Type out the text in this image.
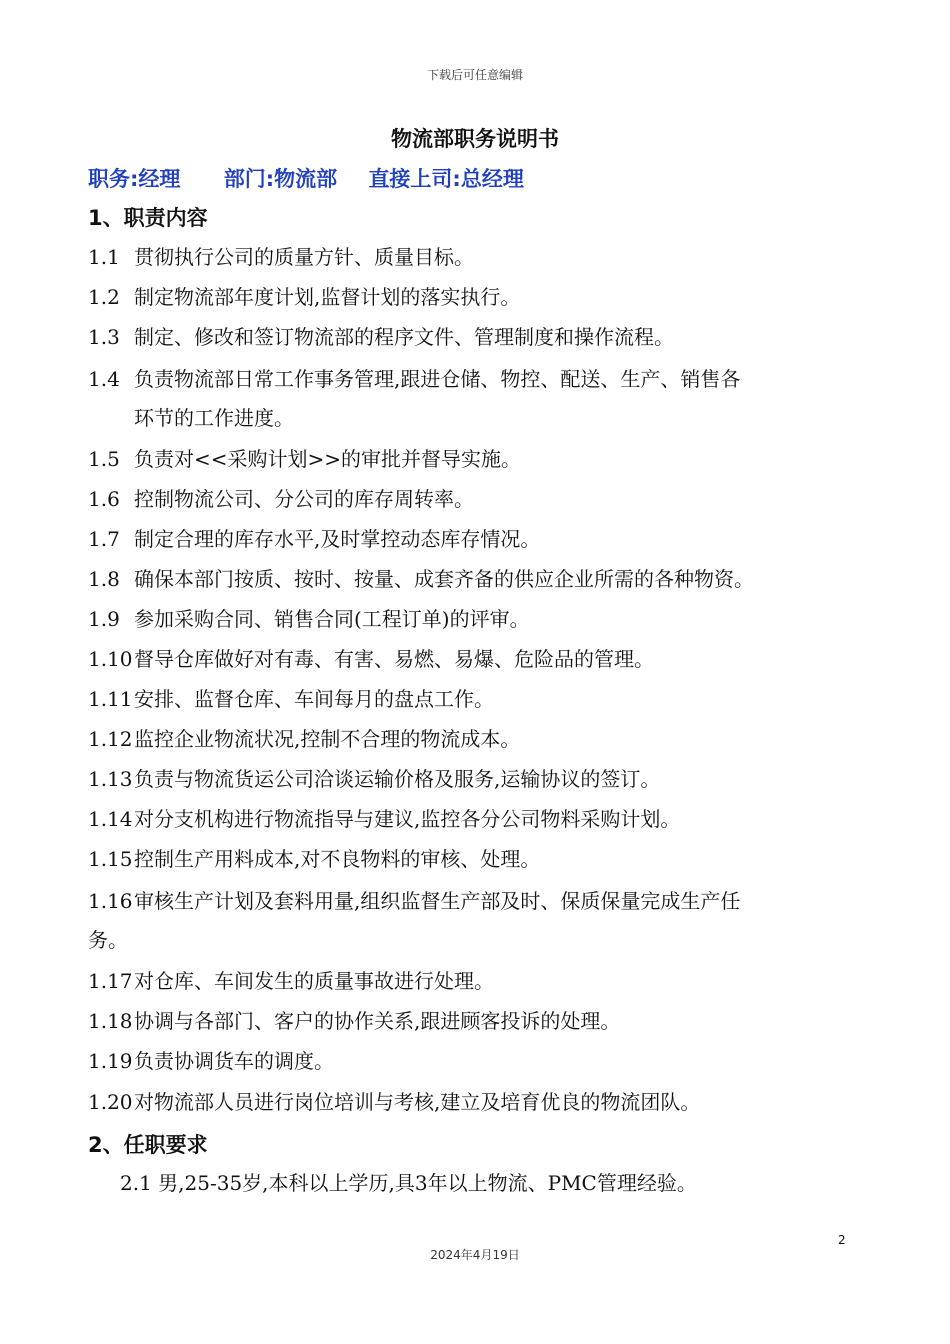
下载后可任意编辑
物流部职务说明书
职务:经理 部门:物流部 直接上司:总经理
1、职责内容
1.1 贯彻执行公司的质量方针、质量目标。
1.2 制定物流部年度计划,监督计划的落实执行。
1.3 制定、修改和签订物流部的程序文件、管理制度和操作流程。
1.4 负责物流部日常工作事务管理,跟进仓储、物控、配送、生产、销售各
环节的工作进度。
1.5 负责对<<采购计划>>的审批并督导实施。
1.6 控制物流公司、分公司的库存周转率。
1.7 制定合理的库存水平,及时掌控动态库存情况。
1.8 确保本部门按质、按时、按量、成套齐备的供应企业所需的各种物资。
1.9 参加采购合同、销售合同(工程订单)的评审。
1.10督导仓库做好对有毒、有害、易燃、易爆、危险品的管理。
1.11安排、监督仓库、车间每月的盘点工作。
1.12监控企业物流状况,控制不合理的物流成本。
1.13负责与物流货运公司洽谈运输价格及服务,运输协议的签订。
1.14对分支机构进行物流指导与建议,监控各分公司物料采购计划。
1.15控制生产用料成本,对不良物料的审核、处理。
1.16审核生产计划及套料用量,组织监督生产部及时、保质保量完成生产任
务。
1.17对仓库、车间发生的质量事故进行处理。
1.18协调与各部门、客户的协作关系,跟进顾客投诉的处理。
1.19负责协调货车的调度。
1.20对物流部人员进行岗位培训与考核,建立及培育优良的物流团队。
2、任职要求
2.1 男,25-35岁,本科以上学历,具3年以上物流、PMC管理经验。
2
2024年4月19日
